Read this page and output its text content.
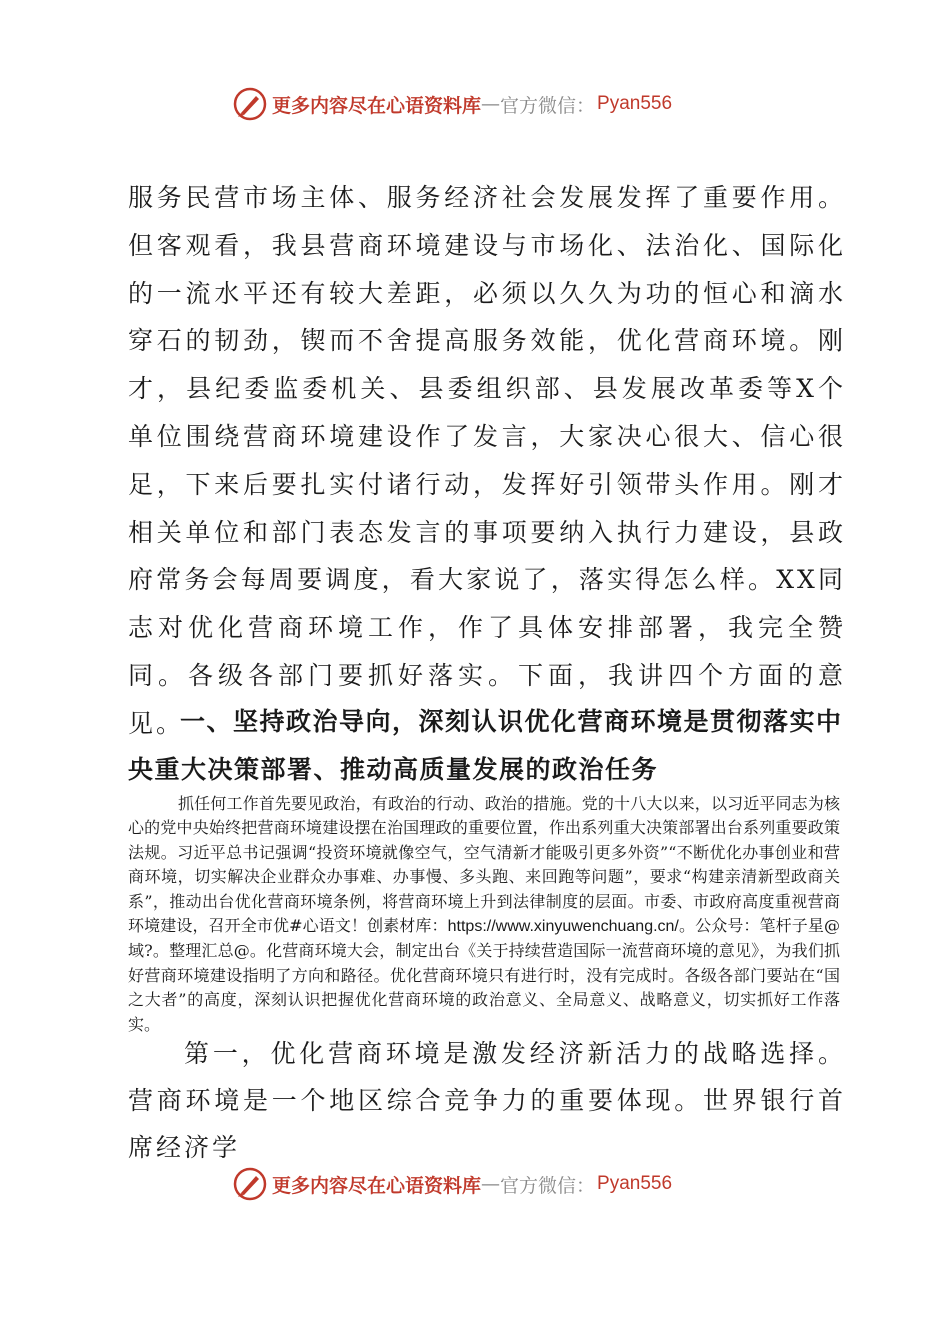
更多内容尽在心语资料库 — 官方微信： Pyan556

服务民营市场主体、服务经济社会发展发挥了重要作用。但客观看，我县营商环境建设与市场化、法治化、国际化的一流水平还有较大差距，必须以久久为功的恒心和滴水穿石的韧劲，锲而不舍提高服务效能，优化营商环境。刚才，县纪委监委机关、县委组织部、县发展改革委等X个单位围绕营商环境建设作了发言，大家决心很大、信心很足，下来后要扎实付诸行动，发挥好引领带头作用。刚才相关单位和部门表态发言的事项要纳入执行力建设，县政府常务会每周要调度，看大家说了，落实得怎么样。XX同志对优化营商环境工作，作了具体安排部署，我完全赞同。各级各部门要抓好落实。下面，我讲四个方面的意见。

一、坚持政治导向，深刻认识优化营商环境是贯彻落实中央重大决策部署、推动高质量发展的政治任务

抓任何工作首先要见政治，有政治的行动、政治的措施。党的十八大以来，以习近平同志为核心的党中央始终把营商环境建设摆在治国理政的重要位置，作出系列重大决策部署出台系列重要政策法规。习近平总书记强调“投资环境就像空气，空气清新才能吸引更多外资”“不断优化办事创业和营商环境，切实解决企业群众办事难、办事慢、多头跑、来回跑等问题”，要求“构建亲清新型政商关系”，推动出台优化营商环境条例，将营商环境上升到法律制度的层面。市委、市政府高度重视营商环境建设，召开全市优#心语文！创素材库：https://www.xinyuwenchuang.cn/。公众号：笔杆子星@域?。整理汇总@。化营商环境大会，制定出台《关于持续营造国际一流营商环境的意见》，为我们抓好营商环境建设指明了方向和路径。优化营商环境只有进行时，没有完成时。各级各部门要站在“国之大者”的高度，深刻认识把握优化营商环境的政治意义、全局意义、战略意义，切实抓好工作落实。

第一，优化营商环境是激发经济新活力的战略选择。营商环境是一个地区综合竞争力的重要体现。世界银行首席经济学

更多内容尽在心语资料库 — 官方微信： Pyan556
